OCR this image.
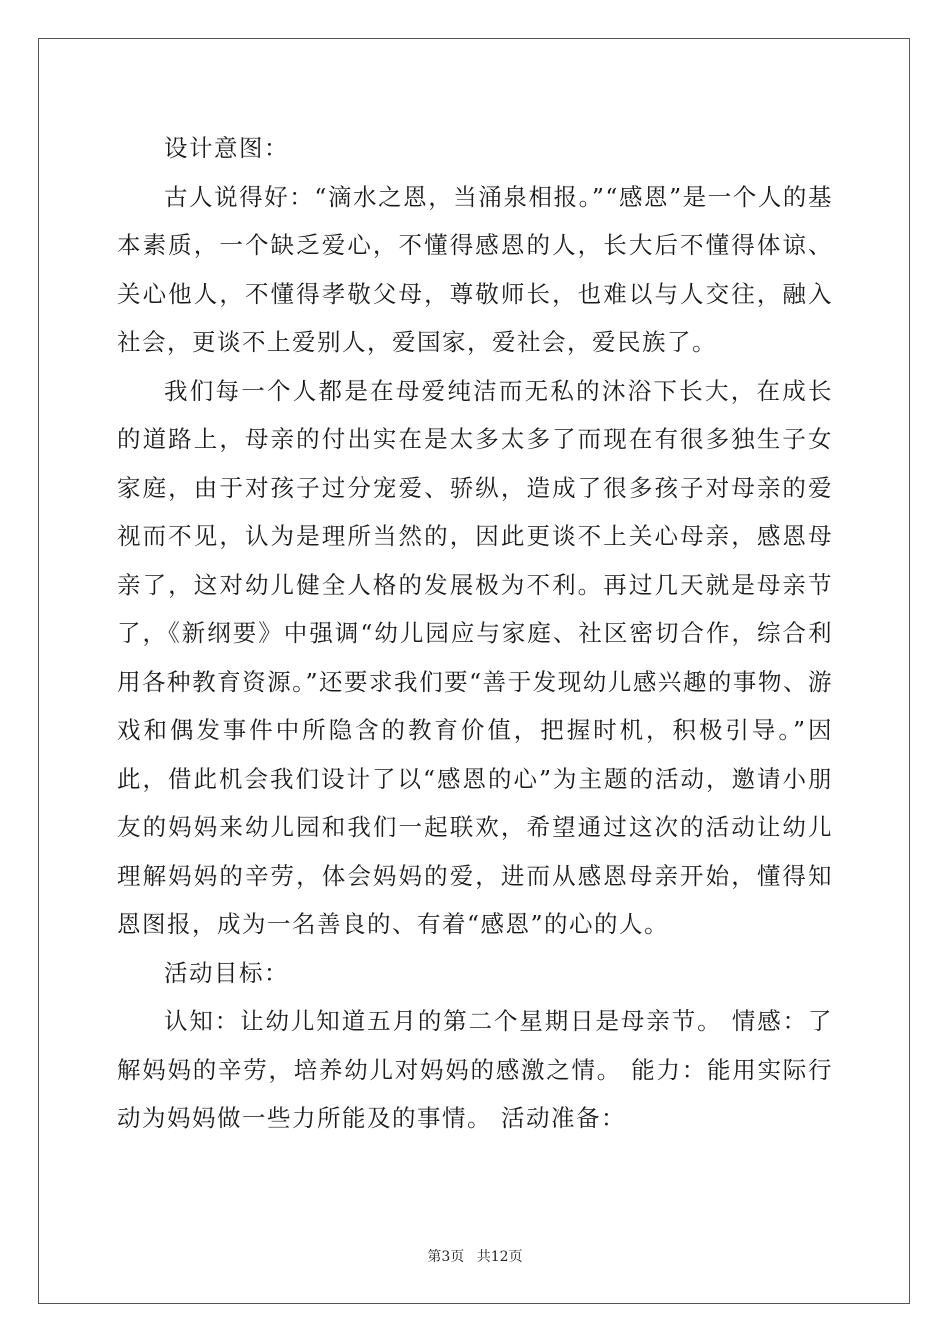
设计意图：

古人说得好：“滴水之恩，当涌泉相报。”“感恩”是一个人的基本素质，一个缺乏爱心，不懂得感恩的人，长大后不懂得体谅、关心他人，不懂得孝敬父母，尊敬师长，也难以与人交往，融入社会，更谈不上爱别人，爱国家，爱社会，爱民族了。

我们每一个人都是在母爱纯洁而无私的沐浴下长大，在成长的道路上，母亲的付出实在是太多太多了而现在有很多独生子女家庭，由于对孩子过分宠爱、骄纵，造成了很多孩子对母亲的爱视而不见，认为是理所当然的，因此更谈不上关心母亲，感恩母亲了，这对幼儿健全人格的发展极为不利。再过几天就是母亲节了，《新纲要》中强调“幼儿园应与家庭、社区密切合作，综合利用各种教育资源。”还要求我们要“善于发现幼儿感兴趣的事物、游戏和偶发事件中所隐含的教育价值，把握时机，积极引导。”因此，借此机会我们设计了以“感恩的心”为主题的活动，邀请小朋友的妈妈来幼儿园和我们一起联欢，希望通过这次的活动让幼儿理解妈妈的辛劳，体会妈妈的爱，进而从感恩母亲开始，懂得知恩图报，成为一名善良的、有着“感恩”的心的人。

活动目标：

认知：让幼儿知道五月的第二个星期日是母亲节。 情感：了解妈妈的辛劳，培养幼儿对妈妈的感激之情。 能力：能用实际行动为妈妈做一些力所能及的事情。 活动准备：

第3页 共12页
